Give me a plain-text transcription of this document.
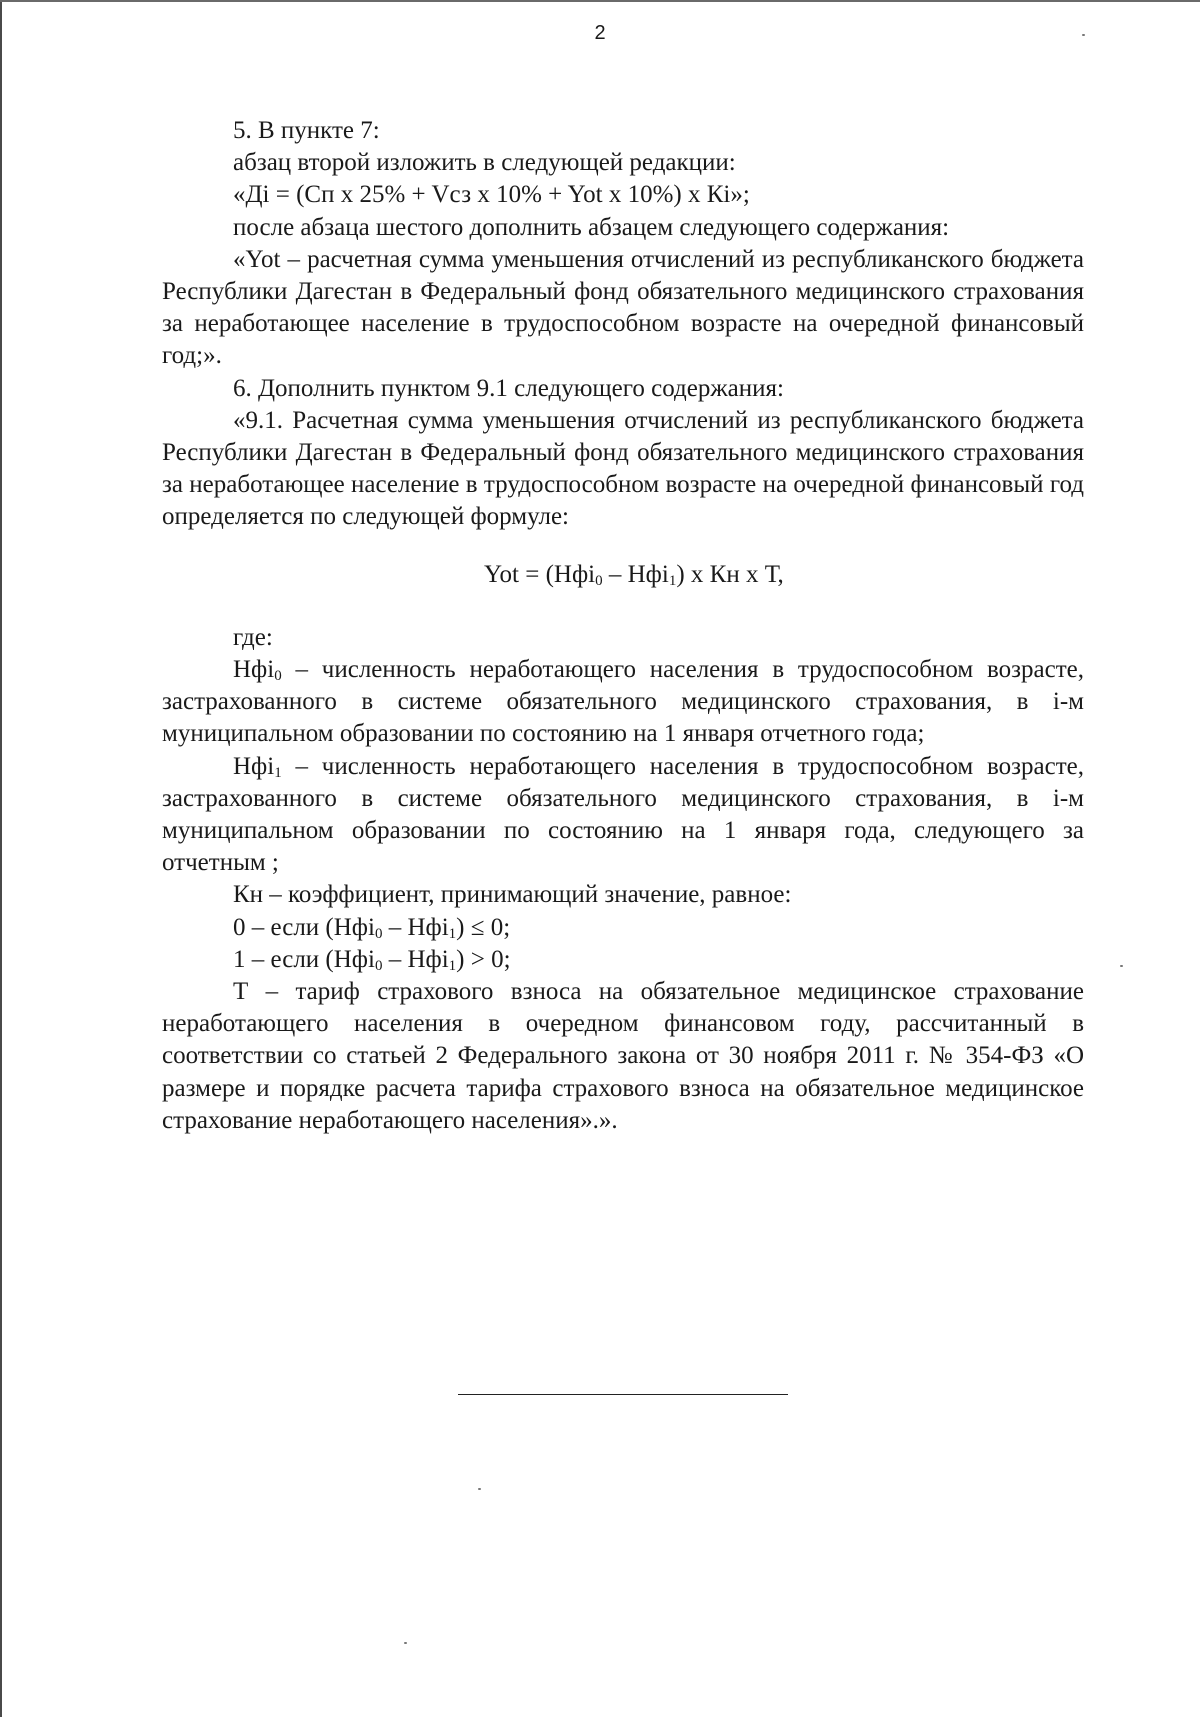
2

5. В пункте 7:

абзац второй изложить в следующей редакции:

«Дi = (Сп x 25% + Vсз x 10% + Yot x 10%) x Кi»;

после абзаца шестого дополнить абзацем следующего содержания:

«Yot – расчетная сумма уменьшения отчислений из республиканского бюджета Республики Дагестан в Федеральный фонд обязательного медицинского страхования за неработающее население в трудоспособном возрасте на очередной финансовый год;».

6. Дополнить пунктом 9.1 следующего содержания:

«9.1. Расчетная сумма уменьшения отчислений из республиканского бюджета Республики Дагестан в Федеральный фонд обязательного медицинского страхования за неработающее население в трудоспособном возрасте на очередной финансовый год определяется по следующей формуле:

Yot = (Нфi$_0$ – Нфi$_1$) x Кн x Т,

где:

Нфi$_0$ – численность неработающего населения в трудоспособном возрасте, застрахованного в системе обязательного медицинского страхования, в i-м муниципальном образовании по состоянию на 1 января отчетного года;

Нфi$_1$ – численность неработающего населения в трудоспособном возрасте, застрахованного в системе обязательного медицинского страхования, в i-м муниципальном образовании по состоянию на 1 января года, следующего за отчетным ;

Кн – коэффициент, принимающий значение, равное:

0 – если (Нфi$_0$ – Нфi$_1$) ≤ 0;

1 – если (Нфi$_0$ – Нфi$_1$) > 0;

Т – тариф страхового взноса на обязательное медицинское страхование неработающего населения в очередном финансовом году, рассчитанный в соответствии со статьей 2 Федерального закона от 30 ноября 2011 г. № 354-ФЗ «О размере и порядке расчета тарифа страхового взноса на обязательное медицинское страхование неработающего населения».».
